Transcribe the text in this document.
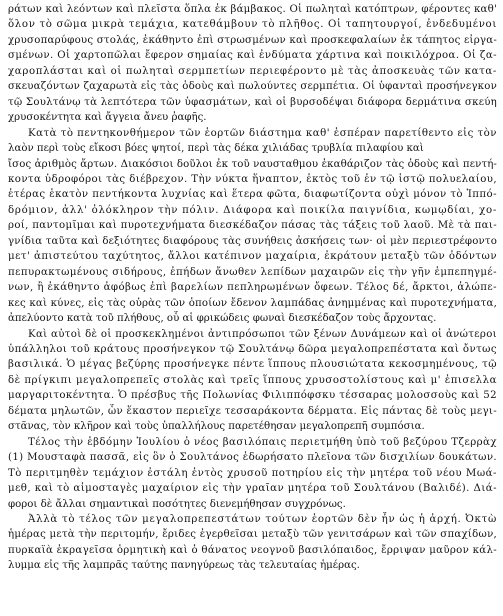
ράτων καὶ λεόντων καὶ πλεῖστα ὅπλα ἐκ βάμβακος. Οἱ πωληταὶ κατόπτρων, φέροντες καθ'
ὅλον τὸ σῶμα μικρὰ τεμάχια, κατεθάμβουν τὸ πλῆθος. Οἱ ταπητουργοί, ἐνδεδυμένοι
χρυσοπαρύφους στολάς, ἐκάθηντο ἐπὶ στρωσμένων καὶ προσκεφαλαίων ἐκ τάπητος εἰργα-
σμένων. Οἱ χαρτοπῶλαι ἔφερον σημαίας καὶ ἐνδύματα χάρτινα καὶ ποικιλόχροα. Οἱ ζα-
χαροπλάσται καὶ οἱ πωληταὶ σερμπετίων περιεφέροντο μὲ τὰς ἀποσκευὰς τῶν κατα-
σκευαζόντων ζαχαρωτὰ εἰς τὰς ὁδοὺς καὶ πωλούντες σερμπέτια. Οἱ ὑφανταὶ προσήνεγκον
τῷ Σουλτάνῳ τὰ λεπτότερα τῶν ὑφασμάτων, καὶ οἱ βυρσοδέψαι διάφορα δερμάτινα σκεύη
χρυσοκέντητα καὶ ἄγγεια ἄνευ ῥαφῆς.
Κατὰ τὸ πεντηκονθήμερον τῶν ἑορτῶν διάστημα καθ' ἑσπέραν παρετίθεντο εἰς τὸν
λαὸν περὶ τοὺς εἴκοσι βόες ψητοί, περὶ τὰς δέκα χιλιάδας τρυβλία πιλαφίου καὶ
ἴσος ἀριθμὸς ἄρτων. Διακόσιοι δοῦλοι ἐκ τοῦ ναυσταθμου ἐκαθάριζον τὰς ὁδοὺς καὶ πεντή-
κοντα ὑδροφόροι τὰς διέβρεχον. Τὴν νύκτα ἥναπτον, ἐκτὸς τοῦ ἐν τῷ ἱστῷ πολυελαίου,
ἑτέρας ἑκατὸν πεντήκοντα λυχνίας καὶ ἕτερα φῶτα, διαφωτίζοντα οὐχὶ μόνον τὸ Ἱππό-
δρόμιον, ἀλλ' ὁλόκληρον τὴν πόλιν. Διάφορα καὶ ποικίλα παιγνίδια, κωμῳδίαι, χο-
ροί, παντομῖμαι καὶ πυροτεχνήματα διεσκέδαζον πάσας τὰς τάξεις τοῦ λαοῦ. Μὲ τὰ παι-
γνίδια ταῦτα καὶ δεξιότητες διαφόρους τὰς συνήθεις ἀσκήσεις των· οἱ μὲν περιεστρέφοντο
μετ' ἀπιστεύτου ταχύτητος, ἄλλοι κατέπινον μαχαίρια, ἐκράτουν μεταξὺ τῶν ὀδόντων
πεπυρακτωμένους σιδήρους, ἐπήδων ἄνωθεν λεπίδων μαχαιρῶν εἰς τὴν γῆν ἐμπεπηγμέ-
νων, ἢ ἐκάθηντο ἀφόβως ἐπὶ βαρελίων πεπληρωμένων ὄφεων. Τέλος δέ, ἄρκτοι, ἀλώπε-
κες καὶ κύνες, εἰς τὰς οὐρὰς τῶν ὁποίων ἔδενον λαμπάδας ἀνημμένας καὶ πυροτεχνήματα,
ἀπελύοντο κατὰ τοῦ πλήθους, οὗ αἱ φρικώδεις φωναὶ διεσκέδαζον τοὺς ἄρχοντας.
Καὶ αὐτοὶ δὲ οἱ προσκεκλημένοι ἀντιπρόσωποι τῶν ξένων Δυνάμεων καὶ οἱ ἀνώτεροι
ὑπάλληλοι τοῦ κράτους προσήνεγκον τῷ Σουλτάνῳ δῶρα μεγαλοπρεπέστατα καὶ ὄντως
βασιλικά. Ὁ μέγας βεζύρης προσήνεγκε πέντε ἵππους πλουσιώτατα κεκοσμημένους, τῷ
δὲ πρίγκιπι μεγαλοπρεπεῖς στολὰς καὶ τρεῖς ἵππους χρυσοστολίστους καὶ μ' ἐπισελλα
μαργαριτοκέντητα. Ὁ πρέσβυς τῆς Πολωνίας Φιλιππόφσκυ τέσσαρας μολοσσοὺς καὶ 52
δέματα μηλωτῶν, ὧν ἕκαστον περιεῖχε τεσσαράκοντα δέρματα. Εἰς πάντας δὲ τοὺς μεγι-
στᾶνας, τὸν κλῆρον καὶ τοὺς ὑπαλλήλους παρετέθησαν μεγαλοπρεπῆ συμπόσια.
Τέλος τὴν ἑβδόμην Ἰουλίου ὁ νέος βασιλόπαις περιετμήθη ὑπὸ τοῦ βεζύρου Τζερρὰχ
(1) Μουσταφὰ πασσᾶ, εἰς ὃν ὁ Σουλτάνος ἐδωρήσατο πλεῖονα τῶν δισχιλίων δουκάτων.
Τὸ περιτμηθὲν τεμάχιον ἐστάλη ἐντὸς χρυσοῦ ποτηρίου εἰς τὴν μητέρα τοῦ νέου Μωά-
μεθ, καὶ τὸ αἱμοσταγὲς μαχαίριον εἰς τὴν γραῖαν μητέρα τοῦ Σουλτάνου (Βαλιδέ). Διά-
φοροι δὲ ἄλλαι σημαντικαὶ ποσότητες διενεμήθησαν συγχρόνως.
Ἀλλὰ τὸ τέλος τῶν μεγαλοπρεπεστάτων τούτων ἑορτῶν δὲν ἦν ὡς ἡ ἀρχή. Ὀκτὼ
ἡμέρας μετὰ τὴν περιτομήν, ἔριδες ἐγερθεῖσαι μεταξὺ τῶν γενιτσάρων καὶ τῶν σπαχίδων,
πυρκαϊὰ ἐκραγεῖσα ὁρμητικὴ καὶ ὁ θάνατος νεογνοῦ βασιλόπαιδος, ἔρριψαν μαῦρον κάλ-
λυμμα εἰς τῆς λαμπρᾶς ταύτης πανηγύρεως τὰς τελευταίας ἡμέρας.
